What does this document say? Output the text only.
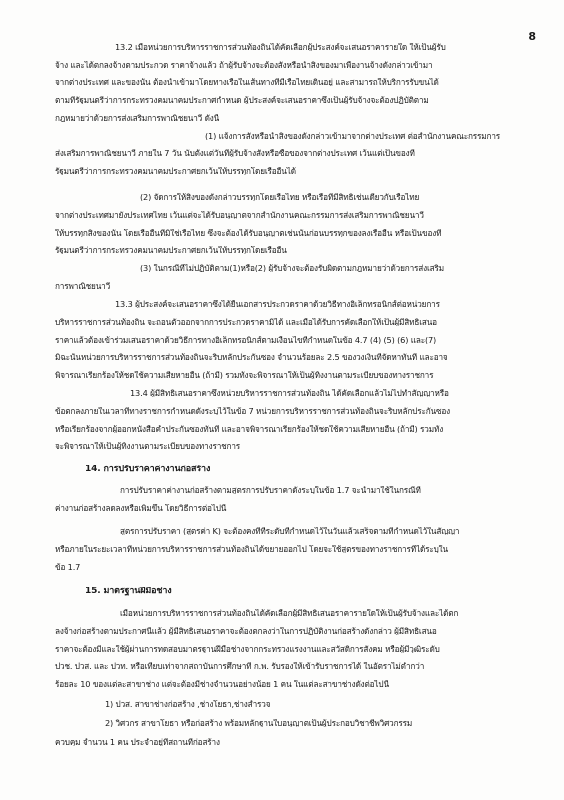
8
13.2 เมื่อหน่วยการบริหารราชการส่วนท้องถิ่นได้คัดเลือกผู้ประสงค์จะเสนอราคารายใด ให้เป็นผู้รับ
จ้าง และได้ตกลงจ้างตามประกวด ราคาจ้างแล้ว ถ้าผู้รับจ้างจะต้องสั่งหรือนำสิ่งของมาเพื่องานจ้างดังกล่าวเข้ามา
จากต่างประเทศ และของนั้น ต้องนำเข้ามาโดยทางเรือในเส้นทางที่มีเรือไทยเดินอยู่ และสามารถให้บริการรับขนได้
ตามที่รัฐมนตรีว่าการกระทรวงคมนาคมประกาศกำหนด ผู้ประสงค์จะเสนอราคาซึ่งเป็นผู้รับจ้างจะต้องปฏิบัติตาม
กฎหมายว่าด้วยการส่งเสริมการพาณิชยนาวี ดังนี้
(1) แจ้งการสั่งหรือนำสิ่งของดังกล่าวเข้ามาจากต่างประเทศ ต่อสำนักงานคณะกรรมการ
ส่งเสริมการพาณิชยนาวี ภายใน 7 วัน นับตั้งแต่วันที่ผู้รับจ้างสั่งหรือซื้อของจากต่างประเทศ เว้นแต่เป็นของที่
รัฐมนตรีว่าการกระทรวงคมนาคมประกาศยกเว้นให้บรรทุกโดยเรืออื่นได้
(2) จัดการให้สิ่งของดังกล่าวบรรทุกโดยเรือไทย หรือเรือที่มีสิทธิเช่นเดียวกับเรือไทย
จากต่างประเทศมายังประเทศไทย เว้นแต่จะได้รับอนุญาตจากสำนักงานคณะกรรมการส่งเสริมการพาณิชยนาวี
ให้บรรทุกสิ่งของนั้น โดยเรืออื่นที่มิใช่เรือไทย ซึ่งจะต้องได้รับอนุญาตเช่นนั้นก่อนบรรทุกของลงเรืออื่น หรือเป็นของที่
รัฐมนตรีว่าการกระทรวงคมนาคมประกาศยกเว้นให้บรรทุกโดยเรืออื่น
(3) ในกรณีที่ไม่ปฏิบัติตาม(1)หรือ(2) ผู้รับจ้างจะต้องรับผิดตามกฎหมายว่าด้วยการส่งเสริม
การพาณิชยนาวี
13.3 ผู้ประสงค์จะเสนอราคาซึ่งได้ยื่นเอกสารประกวดราคาด้วยวิธีทางอิเล็กทรอนิกส์ต่อหน่วยการ
บริหารราชการส่วนท้องถิ่น จะถอนตัวออกจากการประกวดราคามิได้ และเมื่อได้รับการคัดเลือกให้เป็นผู้มีสิทธิเสนอ
ราคาแล้วต้องเข้าร่วมเสนอราคาด้วยวิธีการทางอิเล็กทรอนิกส์ตามเงื่อนไขที่กำหนดในข้อ 4.7 (4) (5) (6) และ(7)
มิฉะนั้นหน่วยการบริหารราชการส่วนท้องถิ่นจะริบหลักประกันซอง จำนวนร้อยละ 2.5 ของวงเงินที่จัดหาทันที และอาจ
พิจารณาเรียกร้องให้ชดใช้ความเสียหายอื่น (ถ้ามี) รวมทั้งจะพิจารณาให้เป็นผู้ทิ้งงานตามระเบียบของทางราชการ
13.4 ผู้มีสิทธิเสนอราคาซึ่งหน่วยบริหารราชการส่วนท้องถิ่น ได้คัดเลือกแล้วไม่ไปทำสัญญาหรือ
ข้อตกลงภายในเวลาที่ทางราชการกำหนดดังระบุไว้ในข้อ 7 หน่วยการบริหารราชการส่วนท้องถิ่นจะริบหลักประกันซอง
หรือเรียกร้องจากผู้ออกหนังสือค้ำประกันซองทันที และอาจพิจารณาเรียกร้องให้ชดใช้ความเสียหายอื่น (ถ้ามี) รวมทั้ง
จะพิจารณาให้เป็นผู้ทิ้งงานตามระเบียบของทางราชการ
14. การปรับราคาค่างานก่อสร้าง
การปรับราคาค่างานก่อสร้างตามสูตรการปรับราคาดังระบุในข้อ 1.7 จะนำมาใช้ในกรณีที่
ค่างานก่อสร้างลดลงหรือเพิ่มขึ้น โดยวิธีการต่อไปนี้
สูตรการปรับราคา (สูตรค่า K) จะต้องคงที่ที่ระดับที่กำหนดไว้ในวันแล้วเสร็จตามที่กำหนดไว้ในสัญญา
หรือภายในระยะเวลาที่หน่วยการบริหารราชการส่วนท้องถิ่นได้ขยายออกไป โดยจะใช้สูตรของทางราชการที่ได้ระบุใน
ข้อ 1.7
15. มาตรฐานฝีมือช่าง
เมื่อหน่วยการบริหารราชการส่วนท้องถิ่นได้คัดเลือกผู้มีสิทธิเสนอราคารายใดให้เป็นผู้รับจ้างและได้ตก
ลงจ้างก่อสร้างตามประกาศนี้แล้ว ผู้มีสิทธิเสนอราคาจะต้องตกลงว่าในการปฏิบัติงานก่อสร้างดังกล่าว ผู้มีสิทธิเสนอ
ราคาจะต้องมีและใช้ผู้ผ่านการทดสอบมาตรฐานฝีมือช่างจากกระทรวงแรงงานและสวัสดิการสังคม หรือผู้มีวุฒิระดับ
ปวช. ปวส. และ ปวท. หรือเทียบเท่าจากสถาบันการศึกษาที่ ก.พ. รับรองให้เข้ารับราชการได้ ในอัตราไม่ต่ำกว่า
ร้อยละ 10 ของแต่ละสาขาช่าง แต่จะต้องมีช่างจำนวนอย่างน้อย 1 คน ในแต่ละสาขาช่างดังต่อไปนี้
1) ปวส. สาขาช่างก่อสร้าง ,ช่างโยธา,ช่างสำรวจ
2) วิศวกร สาขาโยธา หรือก่อสร้าง พร้อมหลักฐานใบอนุญาตเป็นผู้ประกอบวิชาชีพวิศวกรรม
ควบคุม จำนวน 1 คน ประจำอยู่ที่สถานที่ก่อสร้าง
